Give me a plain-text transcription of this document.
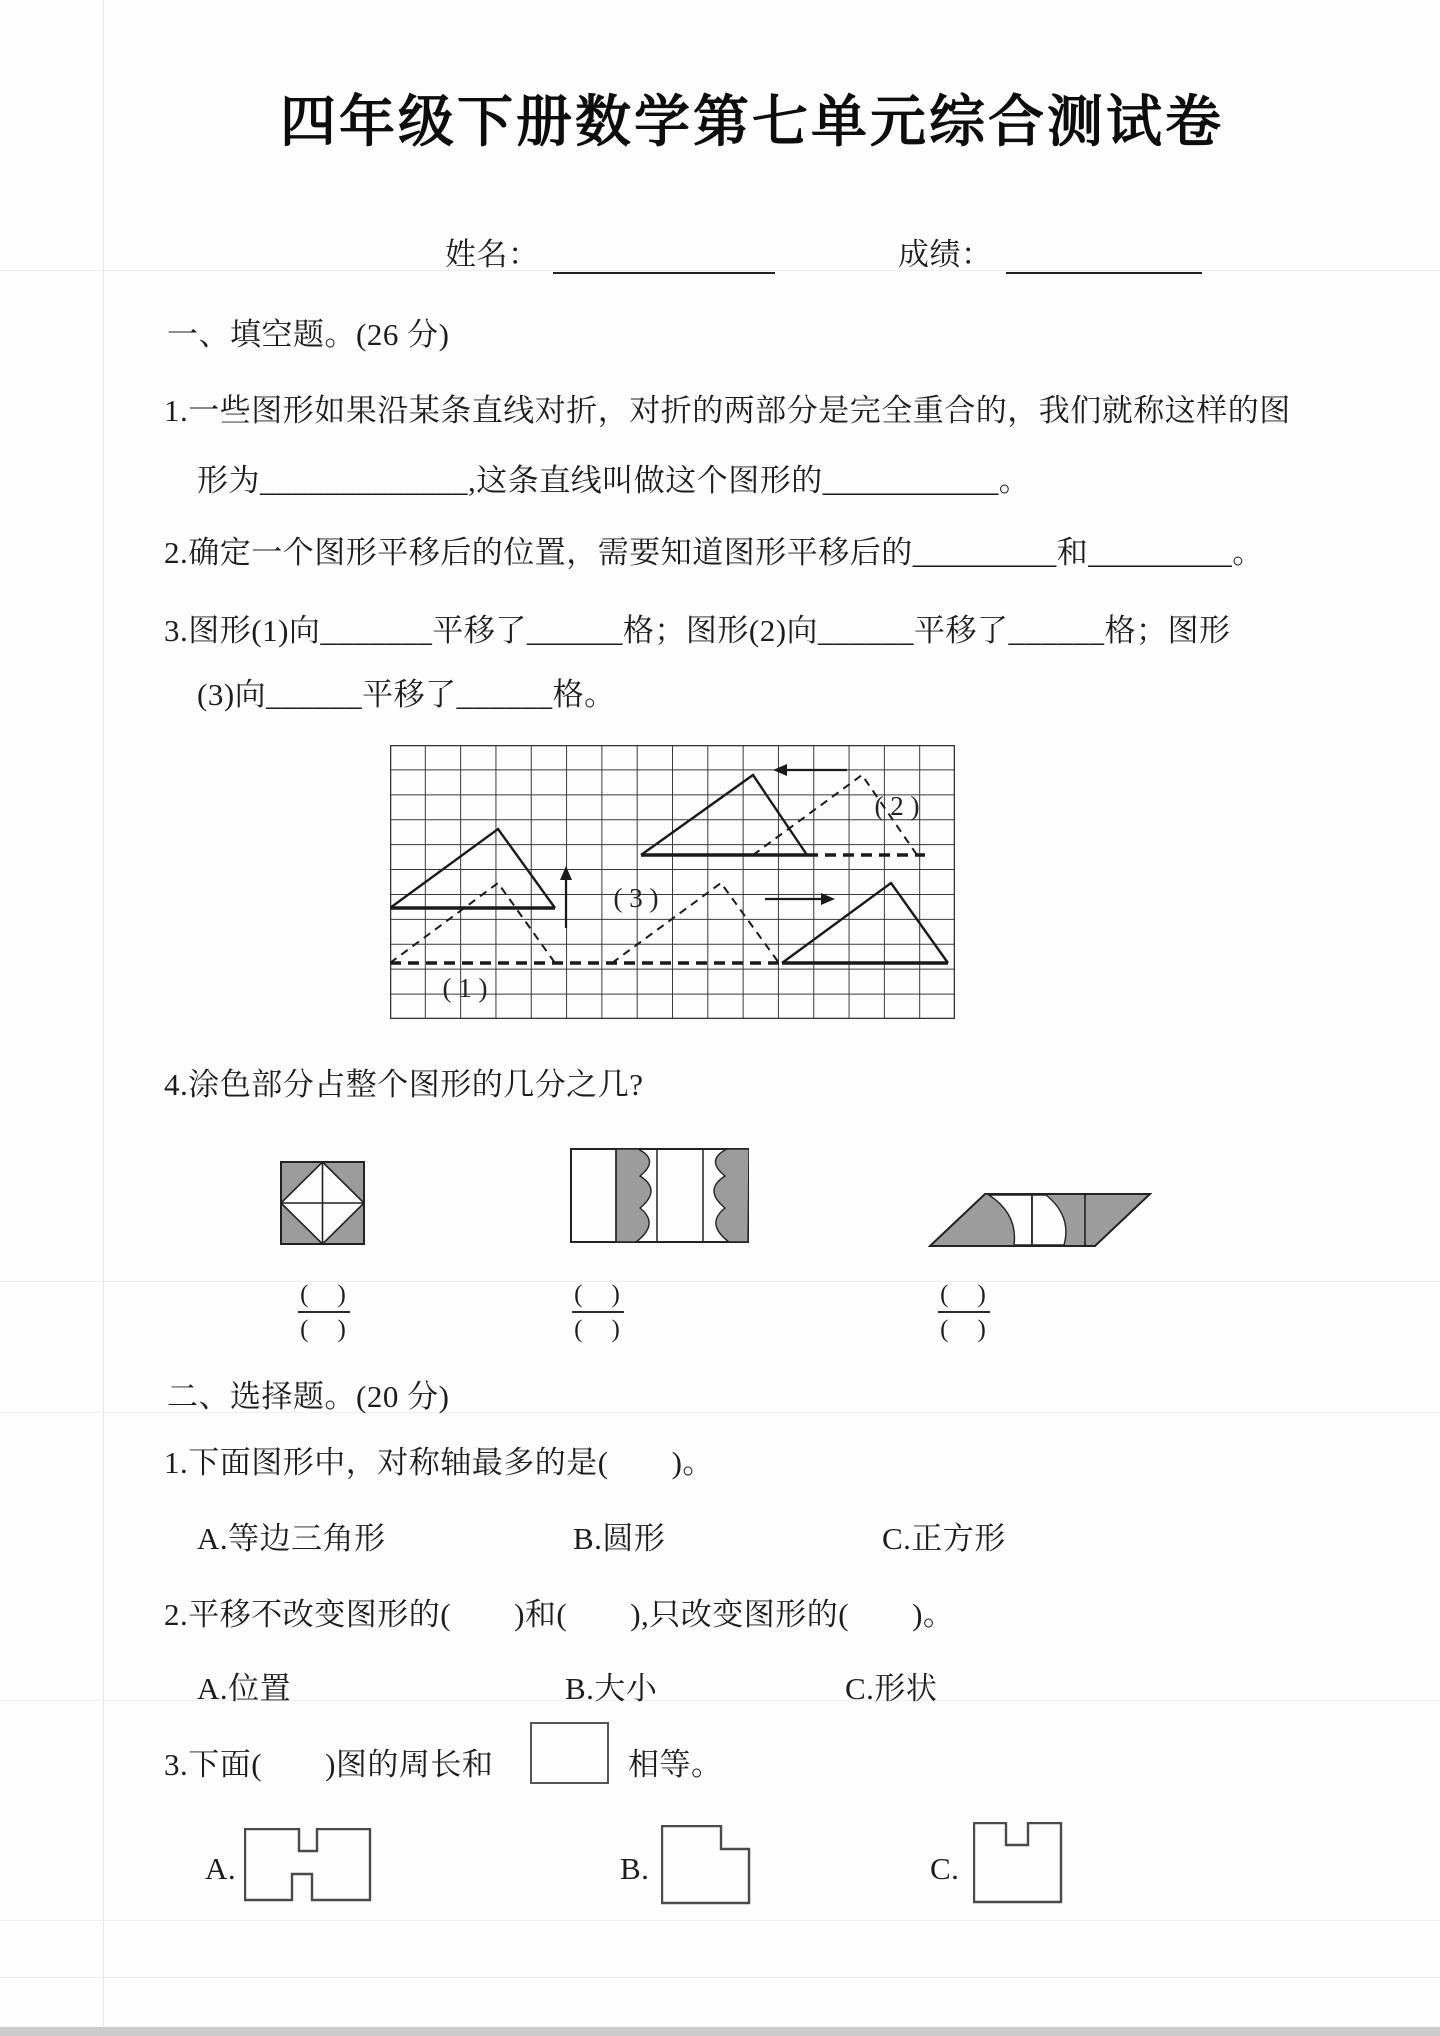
四年级下册数学第七单元综合测试卷
姓名：	成绩：
一、填空题。(26 分)
1.一些图形如果沿某条直线对折，对折的两部分是完全重合的，我们就称这样的图
形为_____________,这条直线叫做这个图形的___________。
2.确定一个图形平移后的位置，需要知道图形平移后的_________和_________。
3.图形(1)向_______平移了______格；图形(2)向______平移了______格；图形
(3)向______平移了______格。
( 1 )
( 2 )
( 3 )
4.涂色部分占整个图形的几分之几?
(　)
(　)
(　)
(　)
(　)
(　)
二、选择题。(20 分)
1.下面图形中，对称轴最多的是(　　)。
A.等边三角形	B.圆形	C.正方形
2.平移不改变图形的(　　)和(　　),只改变图形的(　　)。
A.位置	B.大小	C.形状
3.下面(　　)图的周长和	相等。
A.	B.	C.
